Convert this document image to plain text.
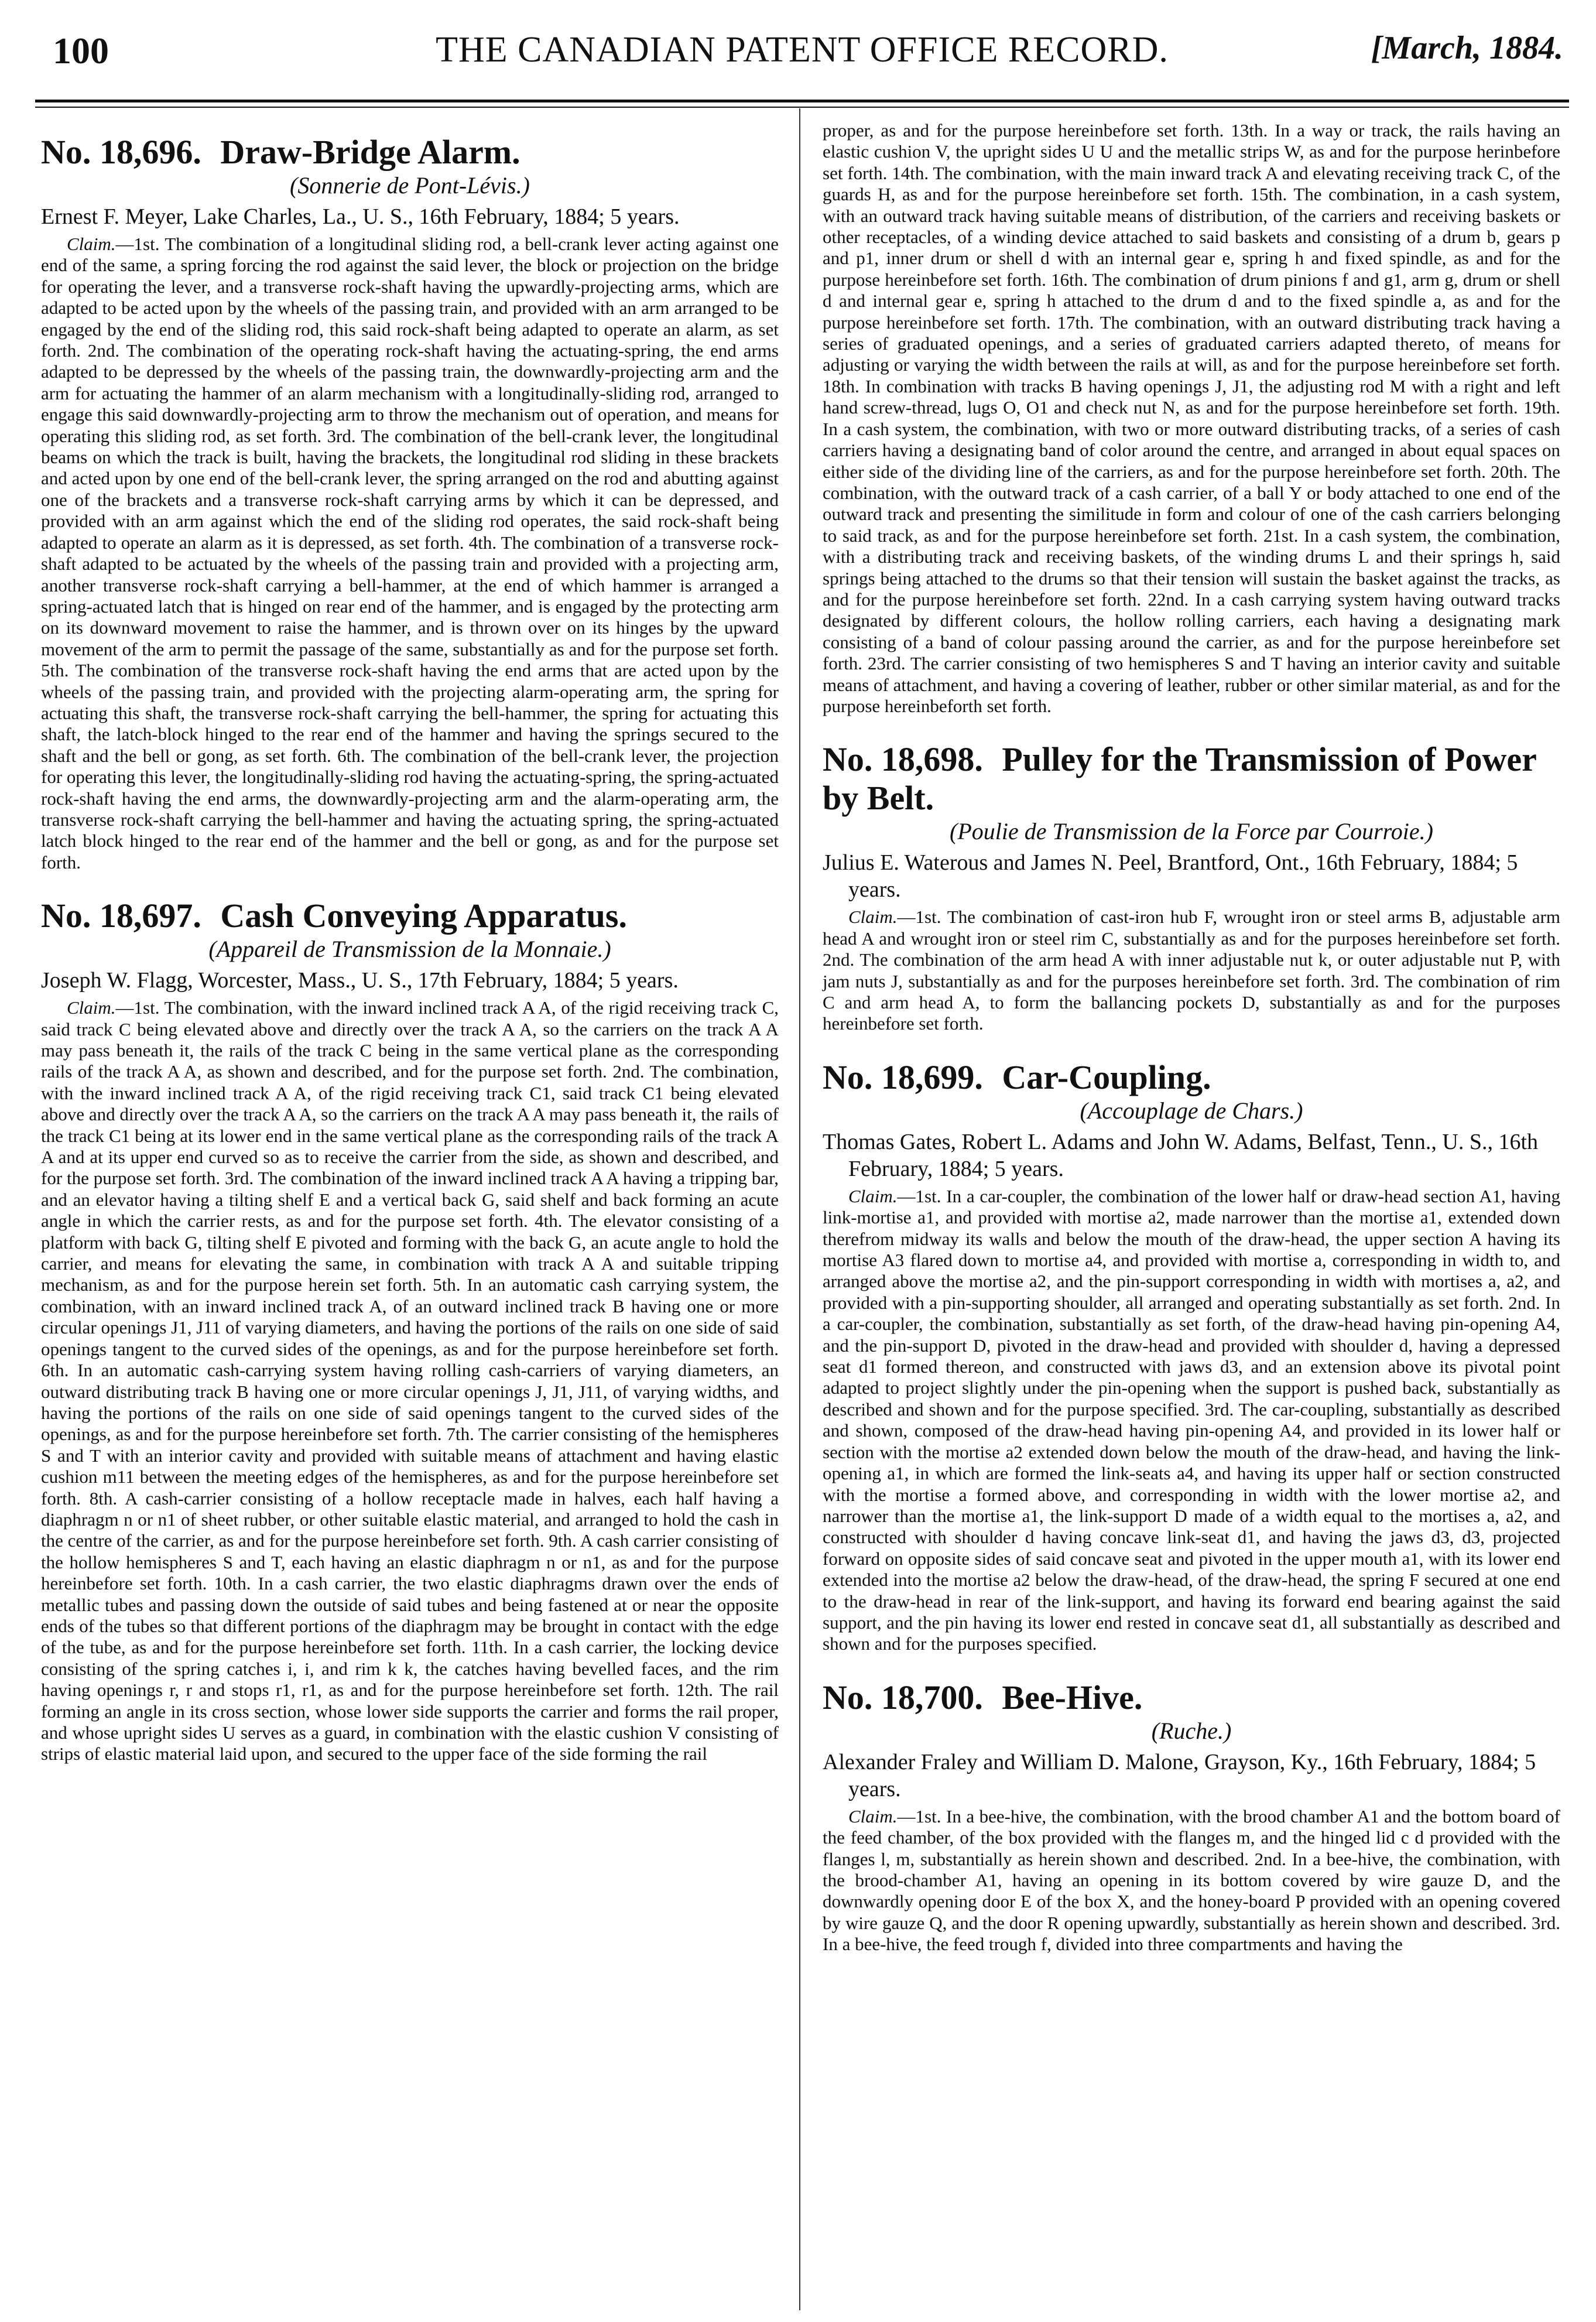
100	THE CANADIAN PATENT OFFICE RECORD.	[March, 1884.
No. 18,696. Draw-Bridge Alarm.
(Sonnerie de Pont-Lévis.)
Ernest F. Meyer, Lake Charles, La., U. S., 16th February, 1884; 5 years.

Claim.—1st. The combination of a longitudinal sliding rod, a bell-crank lever acting against one end of the same, a spring forcing the rod against the said lever, the block or projection on the bridge for operating the lever, and a transverse rock-shaft having the upwardly-projecting arms, which are adapted to be acted upon by the wheels of the passing train, and provided with an arm arranged to be engaged by the end of the sliding rod, this said rock-shaft being adapted to operate an alarm, as set forth. 2nd. The combination of the operating rock-shaft having the actuating-spring, the end arms adapted to be depressed by the wheels of the passing train, the downwardly-projecting arm and the arm for actuating the hammer of an alarm mechanism with a longitudinally-sliding rod, arranged to engage this said downwardly-projecting arm to throw the mechanism out of operation, and means for operating this sliding rod, as set forth. 3rd. The combination of the bell-crank lever, the longitudinal beams on which the track is built, having the brackets, the longitudinal rod sliding in these brackets and acted upon by one end of the bell-crank lever, the spring arranged on the rod and abutting against one of the brackets and a transverse rock-shaft carrying arms by which it can be depressed, and provided with an arm against which the end of the sliding rod operates, the said rock-shaft being adapted to operate an alarm as it is depressed, as set forth. 4th. The combination of a transverse rock-shaft adapted to be actuated by the wheels of the passing train and provided with a projecting arm, another transverse rock-shaft carrying a bell-hammer, at the end of which hammer is arranged a spring-actuated latch that is hinged on rear end of the hammer, and is engaged by the protecting arm on its downward movement to raise the hammer, and is thrown over on its hinges by the upward movement of the arm to permit the passage of the same, substantially as and for the purpose set forth. 5th. The combination of the transverse rock-shaft having the end arms that are acted upon by the wheels of the passing train, and provided with the projecting alarm-operating arm, the spring for actuating this shaft, the transverse rock-shaft carrying the bell-hammer, the spring for actuating this shaft, the latch-block hinged to the rear end of the hammer and having the springs secured to the shaft and the bell or gong, as set forth. 6th. The combination of the bell-crank lever, the projection for operating this lever, the longitudinally-sliding rod having the actuating-spring, the spring-actuated rock-shaft having the end arms, the downwardly-projecting arm and the alarm-operating arm, the transverse rock-shaft carrying the bell-hammer and having the actuating spring, the spring-actuated latch block hinged to the rear end of the hammer and the bell or gong, as and for the purpose set forth.

No. 18,697. Cash Conveying Apparatus.
(Appareil de Transmission de la Monnaie.)
Joseph W. Flagg, Worcester, Mass., U. S., 17th February, 1884; 5 years.

Claim.—1st. The combination, with the inward inclined track A A, of the rigid receiving track C, said track C being elevated above and directly over the track A A, so the carriers on the track A A may pass beneath it, the rails of the track C being in the same vertical plane as the corresponding rails of the track A A, as shown and described, and for the purpose set forth. 2nd. The combination, with the inward inclined track A A, of the rigid receiving track C1, said track C1 being elevated above and directly over the track A A, so the carriers on the track A A may pass beneath it, the rails of the track C1 being at its lower end in the same vertical plane as the corresponding rails of the track A A and at its upper end curved so as to receive the carrier from the side, as shown and described, and for the purpose set forth. 3rd. The combination of the inward inclined track A A having a tripping bar, and an elevator having a tilting shelf E and a vertical back G, said shelf and back forming an acute angle in which the carrier rests, as and for the purpose set forth. 4th. The elevator consisting of a platform with back G, tilting shelf E pivoted and forming with the back G, an acute angle to hold the carrier, and means for elevating the same, in combination with track A A and suitable tripping mechanism, as and for the purpose herein set forth. 5th. In an automatic cash carrying system, the combination, with an inward inclined track A, of an outward inclined track B having one or more circular openings J1, J11 of varying diameters, and having the portions of the rails on one side of said openings tangent to the curved sides of the openings, as and for the purpose hereinbefore set forth. 6th. In an automatic cash-carrying system having rolling cash-carriers of varying diameters, an outward distributing track B having one or more circular openings J, J1, J11, of varying widths, and having the portions of the rails on one side of said openings tangent to the curved sides of the openings, as and for the purpose hereinbefore set forth. 7th. The carrier consisting of the hemispheres S and T with an interior cavity and provided with suitable means of attachment and having elastic cushion m11 between the meeting edges of the hemispheres, as and for the purpose hereinbefore set forth. 8th. A cash-carrier consisting of a hollow receptacle made in halves, each half having a diaphragm n or n1 of sheet rubber, or other suitable elastic material, and arranged to hold the cash in the centre of the carrier, as and for the purpose hereinbefore set forth. 9th. A cash carrier consisting of the hollow hemispheres S and T, each having an elastic diaphragm n or n1, as and for the purpose hereinbefore set forth. 10th. In a cash carrier, the two elastic diaphragms drawn over the ends of metallic tubes and passing down the outside of said tubes and being fastened at or near the opposite ends of the tubes so that different portions of the diaphragm may be brought in contact with the edge of the tube, as and for the purpose hereinbefore set forth. 11th. In a cash carrier, the locking device consisting of the spring catches i, i, and rim k k, the catches having bevelled faces, and the rim having openings r, r and stops r1, r1, as and for the purpose hereinbefore set forth. 12th. The rail forming an angle in its cross section, whose lower side supports the carrier and forms the rail proper, and whose upright sides U serves as a guard, in combination with the elastic cushion V consisting of strips of elastic material laid upon, and secured to the upper face of the side forming the rail

proper, as and for the purpose hereinbefore set forth. 13th. In a way or track, the rails having an elastic cushion V, the upright sides U U and the metallic strips W, as and for the purpose herinbefore set forth. 14th. The combination, with the main inward track A and elevating receiving track C, of the guards H, as and for the purpose hereinbefore set forth. 15th. The combination, in a cash system, with an outward track having suitable means of distribution, of the carriers and receiving baskets or other receptacles, of a winding device attached to said baskets and consisting of a drum b, gears p and p1, inner drum or shell d with an internal gear e, spring h and fixed spindle, as and for the purpose hereinbefore set forth. 16th. The combination of drum pinions f and g1, arm g, drum or shell d and internal gear e, spring h attached to the drum d and to the fixed spindle a, as and for the purpose hereinbefore set forth. 17th. The combination, with an outward distributing track having a series of graduated openings, and a series of graduated carriers adapted thereto, of means for adjusting or varying the width between the rails at will, as and for the purpose hereinbefore set forth. 18th. In combination with tracks B having openings J, J1, the adjusting rod M with a right and left hand screw-thread, lugs O, O1 and check nut N, as and for the purpose hereinbefore set forth. 19th. In a cash system, the combination, with two or more outward distributing tracks, of a series of cash carriers having a designating band of color around the centre, and arranged in about equal spaces on either side of the dividing line of the carriers, as and for the purpose hereinbefore set forth. 20th. The combination, with the outward track of a cash carrier, of a ball Y or body attached to one end of the outward track and presenting the similitude in form and colour of one of the cash carriers belonging to said track, as and for the purpose hereinbefore set forth. 21st. In a cash system, the combination, with a distributing track and receiving baskets, of the winding drums L and their springs h, said springs being attached to the drums so that their tension will sustain the basket against the tracks, as and for the purpose hereinbefore set forth. 22nd. In a cash carrying system having outward tracks designated by different colours, the hollow rolling carriers, each having a designating mark consisting of a band of colour passing around the carrier, as and for the purpose hereinbefore set forth. 23rd. The carrier consisting of two hemispheres S and T having an interior cavity and suitable means of attachment, and having a covering of leather, rubber or other similar material, as and for the purpose hereinbeforth set forth.

No. 18,698. Pulley for the Transmission of Power by Belt.
(Poulie de Transmission de la Force par Courroie.)
Julius E. Waterous and James N. Peel, Brantford, Ont., 16th February, 1884; 5 years.

Claim.—1st. The combination of cast-iron hub F, wrought iron or steel arms B, adjustable arm head A and wrought iron or steel rim C, substantially as and for the purposes hereinbefore set forth. 2nd. The combination of the arm head A with inner adjustable nut k, or outer adjustable nut P, with jam nuts J, substantially as and for the purposes hereinbefore set forth. 3rd. The combination of rim C and arm head A, to form the ballancing pockets D, substantially as and for the purposes hereinbefore set forth.

No. 18,699. Car-Coupling.
(Accouplage de Chars.)
Thomas Gates, Robert L. Adams and John W. Adams, Belfast, Tenn., U. S., 16th February, 1884; 5 years.

Claim.—1st. In a car-coupler, the combination of the lower half or draw-head section A1, having link-mortise a1, and provided with mortise a2, made narrower than the mortise a1, extended down therefrom midway its walls and below the mouth of the draw-head, the upper section A having its mortise A3 flared down to mortise a4, and provided with mortise a, corresponding in width to, and arranged above the mortise a2, and the pin-support corresponding in width with mortises a, a2, and provided with a pin-supporting shoulder, all arranged and operating substantially as set forth. 2nd. In a car-coupler, the combination, substantially as set forth, of the draw-head having pin-opening A4, and the pin-support D, pivoted in the draw-head and provided with shoulder d, having a depressed seat d1 formed thereon, and constructed with jaws d3, and an extension above its pivotal point adapted to project slightly under the pin-opening when the support is pushed back, substantially as described and shown and for the purpose specified. 3rd. The car-coupling, substantially as described and shown, composed of the draw-head having pin-opening A4, and provided in its lower half or section with the mortise a2 extended down below the mouth of the draw-head, and having the link-opening a1, in which are formed the link-seats a4, and having its upper half or section constructed with the mortise a formed above, and corresponding in width with the lower mortise a2, and narrower than the mortise a1, the link-support D made of a width equal to the mortises a, a2, and constructed with shoulder d having concave link-seat d1, and having the jaws d3, d3, projected forward on opposite sides of said concave seat and pivoted in the upper mouth a1, with its lower end extended into the mortise a2 below the draw-head, of the draw-head, the spring F secured at one end to the draw-head in rear of the link-support, and having its forward end bearing against the said support, and the pin having its lower end rested in concave seat d1, all substantially as described and shown and for the purposes specified.

No. 18,700. Bee-Hive.
(Ruche.)
Alexander Fraley and William D. Malone, Grayson, Ky., 16th February, 1884; 5 years.

Claim.—1st. In a bee-hive, the combination, with the brood chamber A1 and the bottom board of the feed chamber, of the box provided with the flanges m, and the hinged lid c d provided with the flanges l, m, substantially as herein shown and described. 2nd. In a bee-hive, the combination, with the brood-chamber A1, having an opening in its bottom covered by wire gauze D, and the downwardly opening door E of the box X, and the honey-board P provided with an opening covered by wire gauze Q, and the door R opening upwardly, substantially as herein shown and described. 3rd. In a bee-hive, the feed trough f, divided into three compartments and having the
